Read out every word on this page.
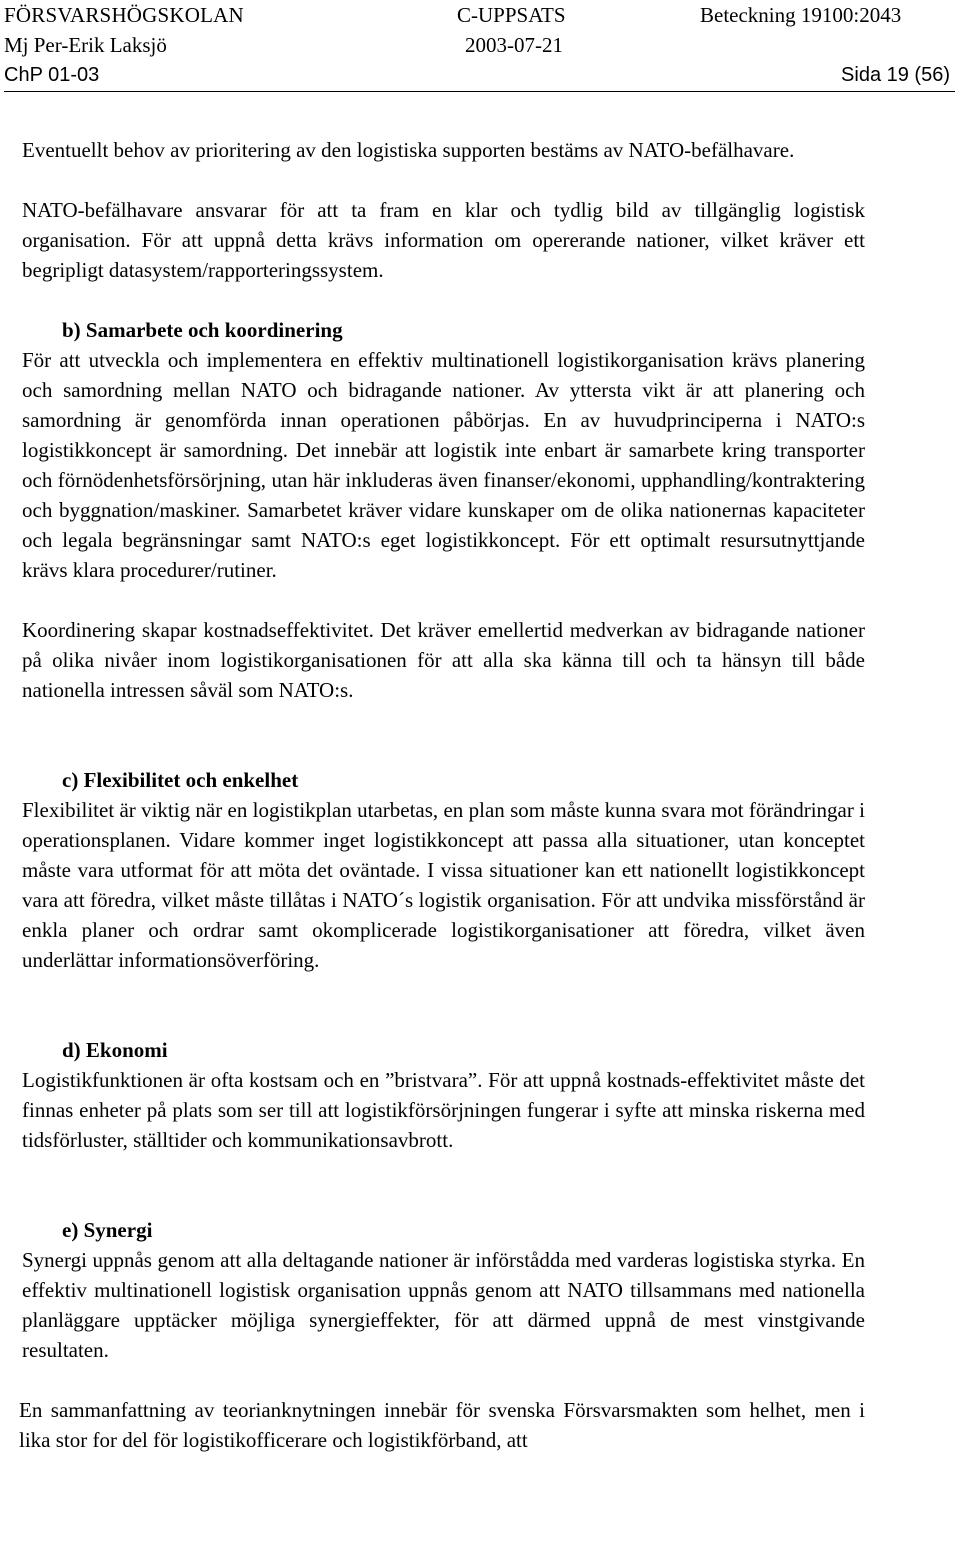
FÖRSVARSHÖGSKOLAN	C-UPPSATS	Beteckning 19100:2043
Mj Per-Erik Laksjö	2003-07-21
ChP 01-03	Sida 19 (56)

Eventuellt behov av prioritering av den logistiska supporten bestäms av NATO-befälhavare.

NATO-befälhavare ansvarar för att ta fram en klar och tydlig bild av tillgänglig logistisk organisation. För att uppnå detta krävs information om opererande nationer, vilket kräver ett begripligt datasystem/rapporteringssystem.

b) Samarbete och koordinering

För att utveckla och implementera en effektiv multinationell logistikorganisation krävs planering och samordning mellan NATO och bidragande nationer. Av yttersta vikt är att planering och samordning är genomförda innan operationen påbörjas. En av huvudprinciperna i NATO:s logistikkoncept är samordning. Det innebär att logistik inte enbart är samarbete kring transporter och förnödenhetsförsörjning, utan här inkluderas även finanser/ekonomi, upphandling/kontraktering och byggnation/maskiner. Samarbetet kräver vidare kunskaper om de olika nationernas kapaciteter och legala begränsningar samt NATO:s eget logistikkoncept. För ett optimalt resursutnyttjande krävs klara procedurer/rutiner.

Koordinering skapar kostnadseffektivitet. Det kräver emellertid medverkan av bidragande nationer på olika nivåer inom logistikorganisationen för att alla ska känna till och ta hänsyn till både nationella intressen såväl som NATO:s.

c) Flexibilitet och enkelhet

Flexibilitet är viktig när en logistikplan utarbetas, en plan som måste kunna svara mot förändringar i operationsplanen. Vidare kommer inget logistikkoncept att passa alla situationer, utan konceptet måste vara utformat för att möta det oväntade. I vissa situationer kan ett nationellt logistikkoncept vara att föredra, vilket måste tillåtas i NATO´s logistik organisation. För att undvika missförstånd är enkla planer och ordrar samt okomplicerade logistikorganisationer att föredra, vilket även underlättar informationsöverföring.

d) Ekonomi

Logistikfunktionen är ofta kostsam och en ”bristvara”. För att uppnå kostnads-effektivitet måste det finnas enheter på plats som ser till att logistikförsörjningen fungerar i syfte att minska riskerna med tidsförluster, ställtider och kommunikationsavbrott.

e) Synergi

Synergi uppnås genom att alla deltagande nationer är införstådda med varderas logistiska styrka. En effektiv multinationell logistisk organisation uppnås genom att NATO tillsammans med nationella planläggare upptäcker möjliga synergieffekter, för att därmed uppnå de mest vinstgivande resultaten.

En sammanfattning av teorianknytningen innebär för svenska Försvarsmakten som helhet, men i lika stor for del för logistikofficerare och logistikförband, att
